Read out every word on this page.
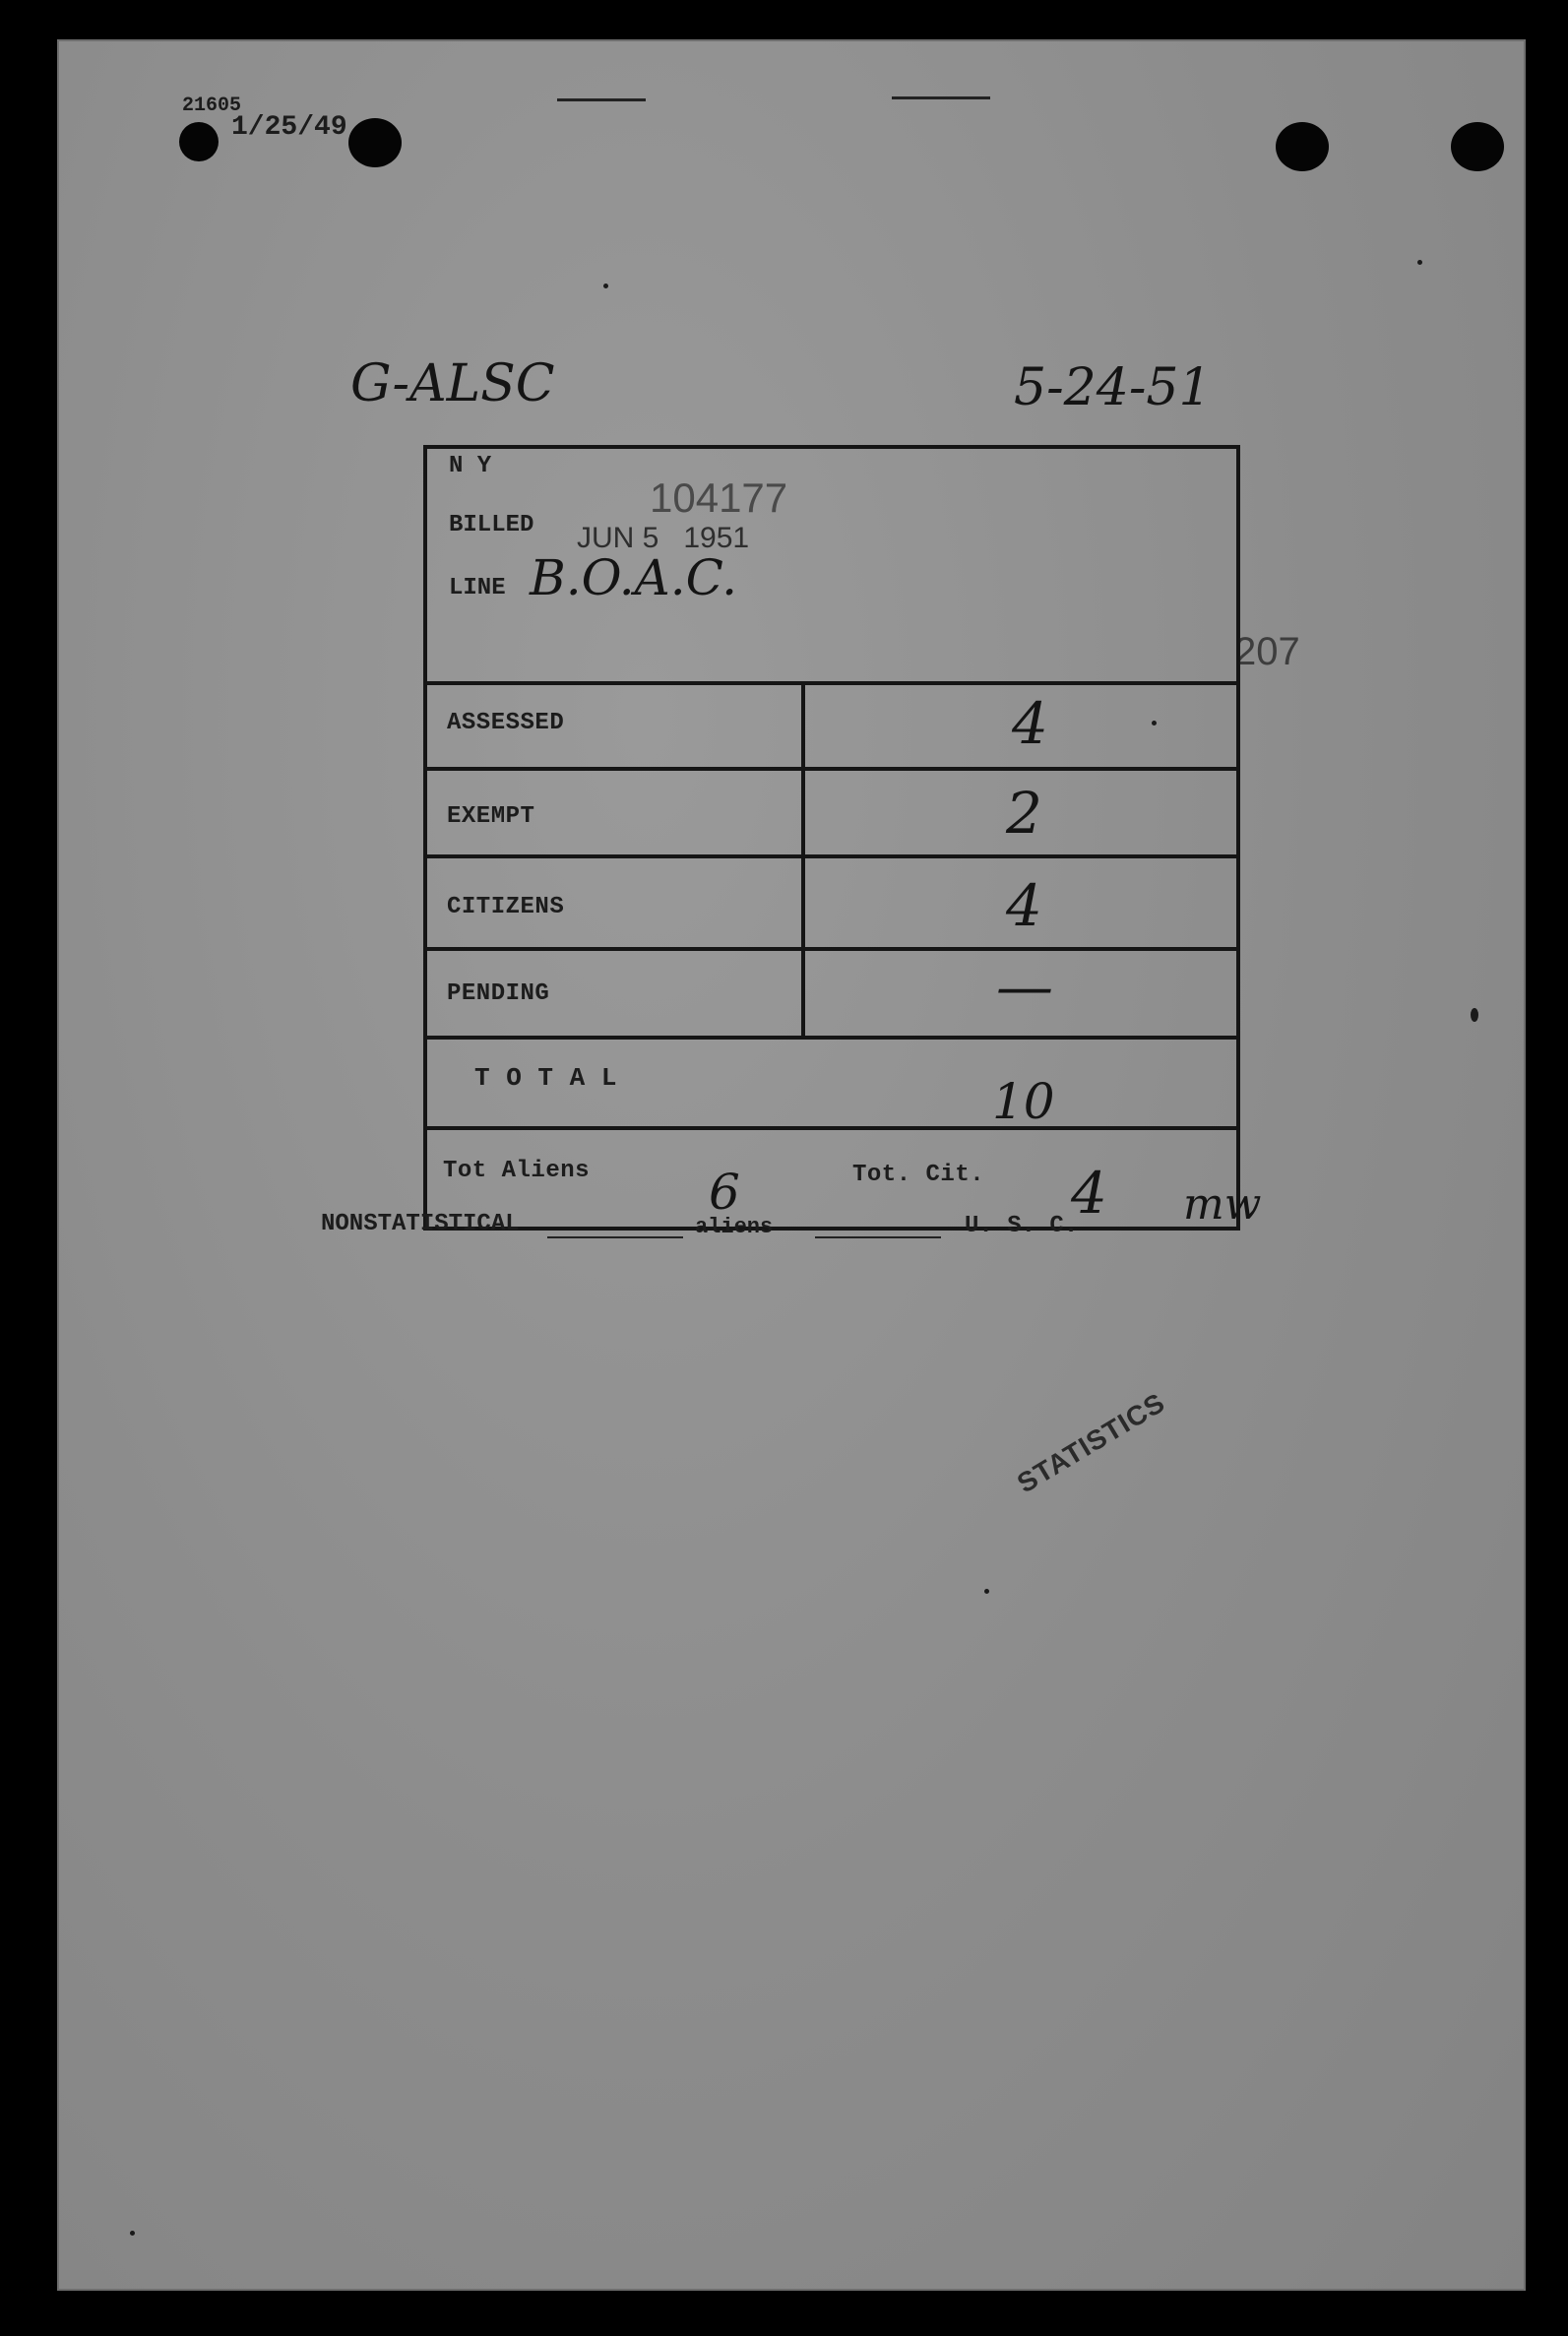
21605
1/25/49
G-ALSC	5-24-51
207
N Y
104177
BILLED JUN 5   1951
LINE B.O.A.C.
ASSESSED	4
EXEMPT	2
CITIZENS	4
PENDING	—
T O T A L	10
Tot Aliens 6	Tot. Cit. 4 mw
NONSTATISTICAL	aliens	U. S. C.
STATISTICS
